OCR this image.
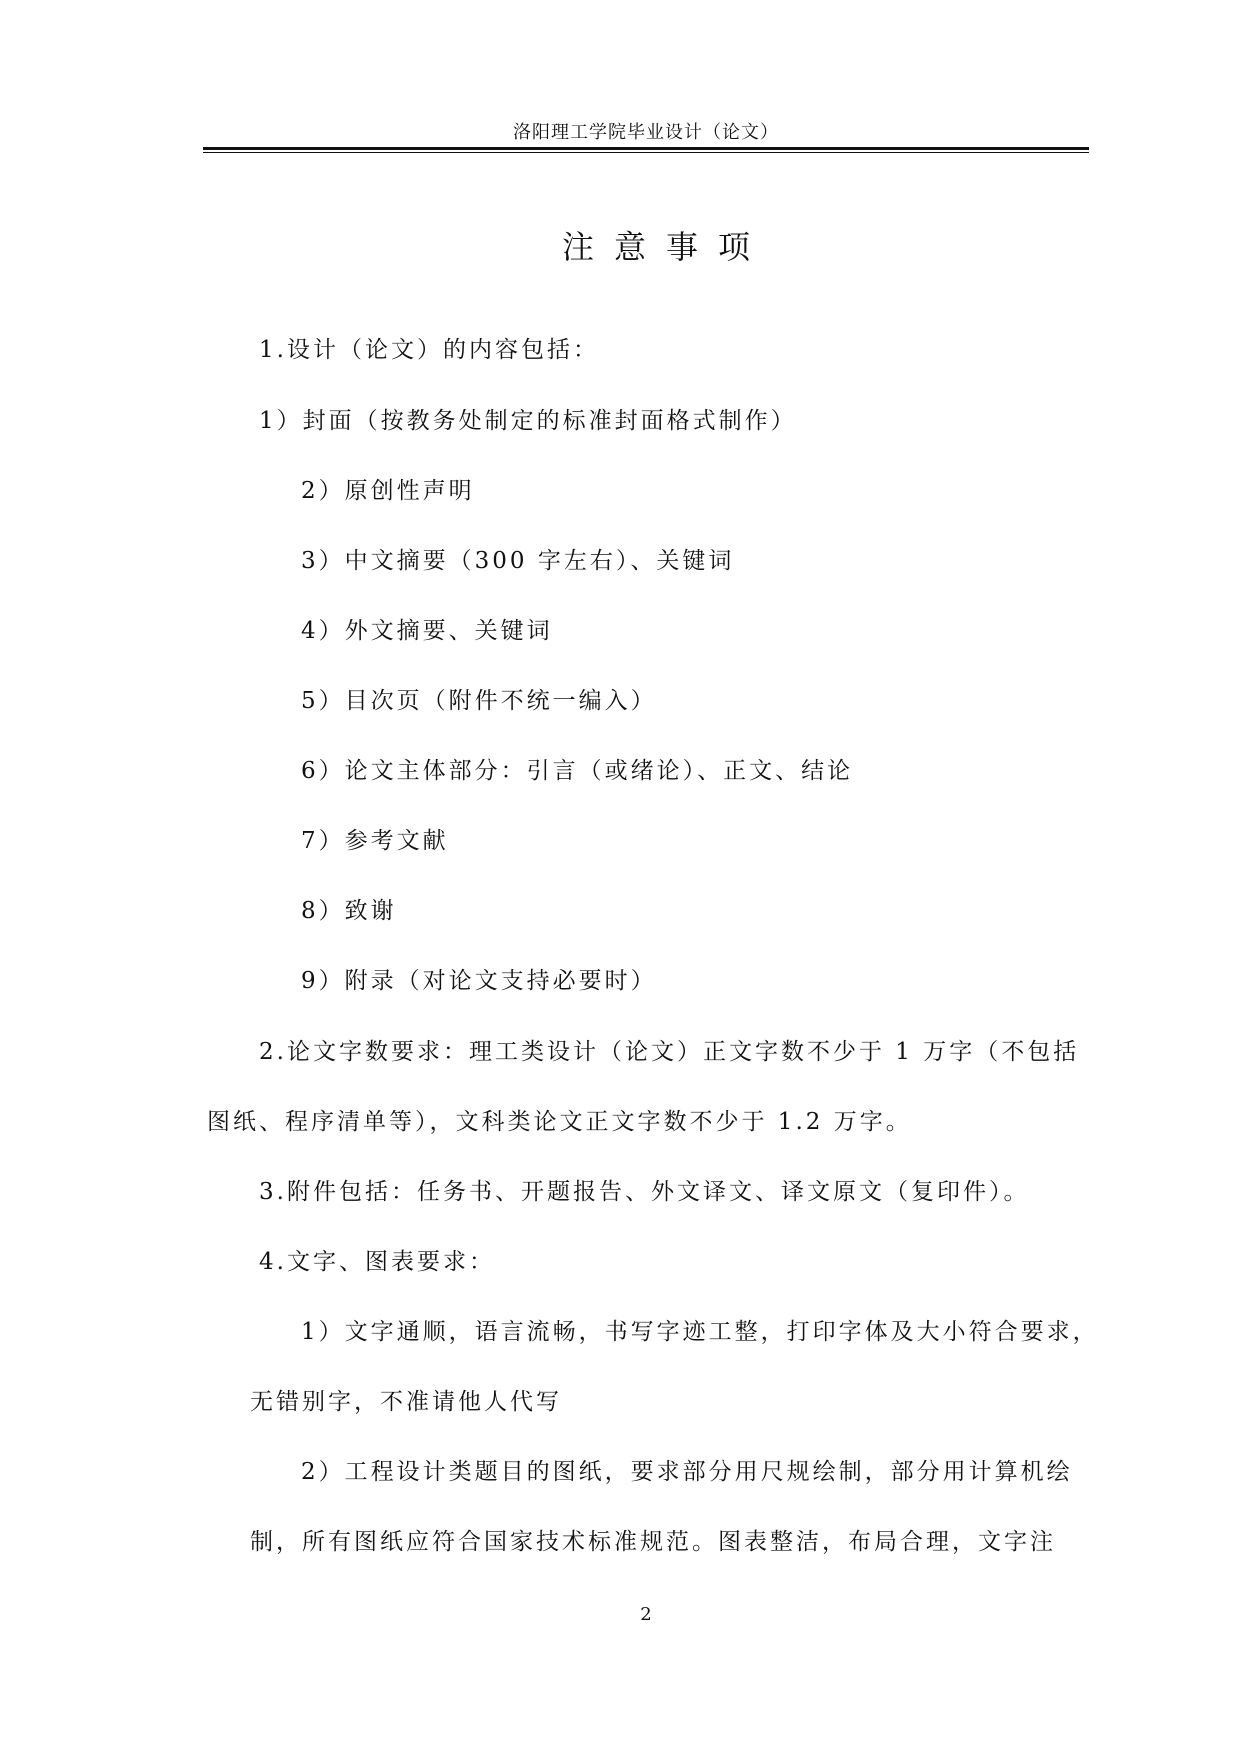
洛阳理工学院毕业设计（论文）
注意事项
1.设计（论文）的内容包括：
1）封面（按教务处制定的标准封面格式制作）
2）原创性声明
3）中文摘要（300 字左右）、关键词
4）外文摘要、关键词
5）目次页（附件不统一编入）
6）论文主体部分：引言（或绪论）、正文、结论
7）参考文献
8）致谢
9）附录（对论文支持必要时）
2.论文字数要求：理工类设计（论文）正文字数不少于 1 万字（不包括
图纸、程序清单等），文科类论文正文字数不少于 1.2 万字。
3.附件包括：任务书、开题报告、外文译文、译文原文（复印件）。
4.文字、图表要求：
1）文字通顺，语言流畅，书写字迹工整，打印字体及大小符合要求，
无错别字，不准请他人代写
2）工程设计类题目的图纸，要求部分用尺规绘制，部分用计算机绘
制，所有图纸应符合国家技术标准规范。图表整洁，布局合理，文字注
2
